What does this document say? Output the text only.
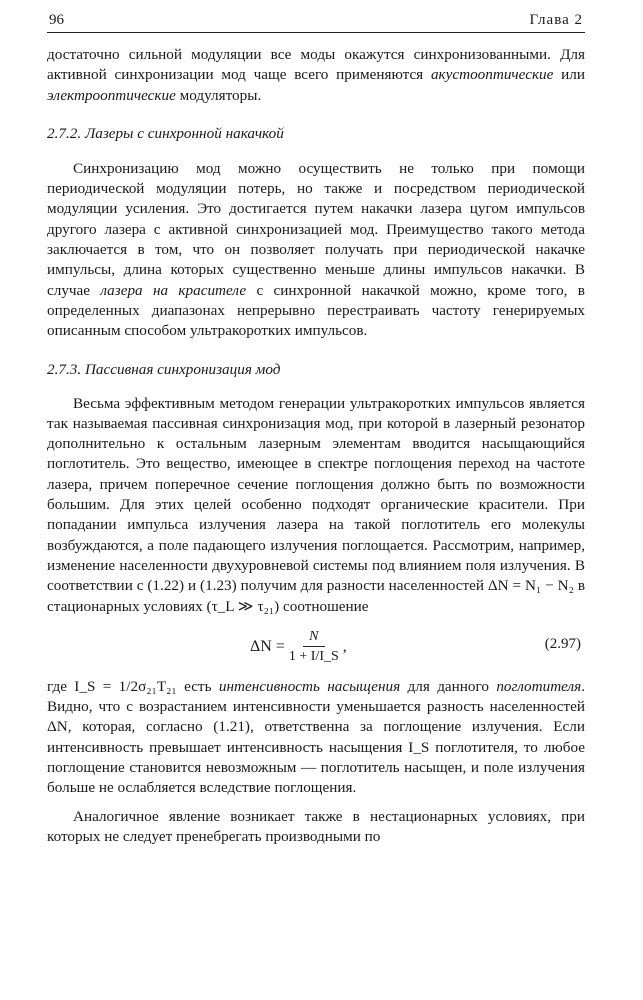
96	Глава 2

достаточно сильной модуляции все моды окажутся синхронизованными. Для активной синхронизации мод чаще всего применяются акустооптические или электрооптические модуляторы.

2.7.2. Лазеры с синхронной накачкой

Синхронизацию мод можно осуществить не только при помощи периодической модуляции потерь, но также и посредством периодической модуляции усиления. Это достигается путем накачки лазера цугом импульсов другого лазера с активной синхронизацией мод. Преимущество такого метода заключается в том, что он позволяет получать при периодической накачке импульсы, длина которых существенно меньше длины импульсов накачки. В случае лазера на красителе с синхронной накачкой можно, кроме того, в определенных диапазонах непрерывно перестраивать частоту генерируемых описанным способом ультракоротких импульсов.

2.7.3. Пассивная синхронизация мод

Весьма эффективным методом генерации ультракоротких импульсов является так называемая пассивная синхронизация мод, при которой в лазерный резонатор дополнительно к остальным лазерным элементам вводится насыщающийся поглотитель. Это вещество, имеющее в спектре поглощения переход на частоте лазера, причем поперечное сечение поглощения должно быть по возможности большим. Для этих целей особенно подходят органические красители. При попадании импульса излучения лазера на такой поглотитель его молекулы возбуждаются, а поле падающего излучения поглощается. Рассмотрим, например, изменение населенности двухуровневой системы под влиянием поля излучения. В соответствии с (1.22) и (1.23) получим для разности населенностей ΔN = N₁ − N₂ в стационарных условиях (τ_L ≫ τ₂₁) соотношение

$\Delta N = \frac{N}{1 + I/I\_S}$ ,	(2.97)

где I_S = 1/2σ₂₁T₂₁ есть интенсивность насыщения для данного поглотителя. Видно, что с возрастанием интенсивности уменьшается разность населенностей ΔN, которая, согласно (1.21), ответственна за поглощение излучения. Если интенсивность превышает интенсивность насыщения I_S поглотителя, то любое поглощение становится невозможным — поглотитель насыщен, и поле излучения больше не ослабляется вследствие поглощения.

Аналогичное явление возникает также в нестационарных условиях, при которых не следует пренебрегать производными по
